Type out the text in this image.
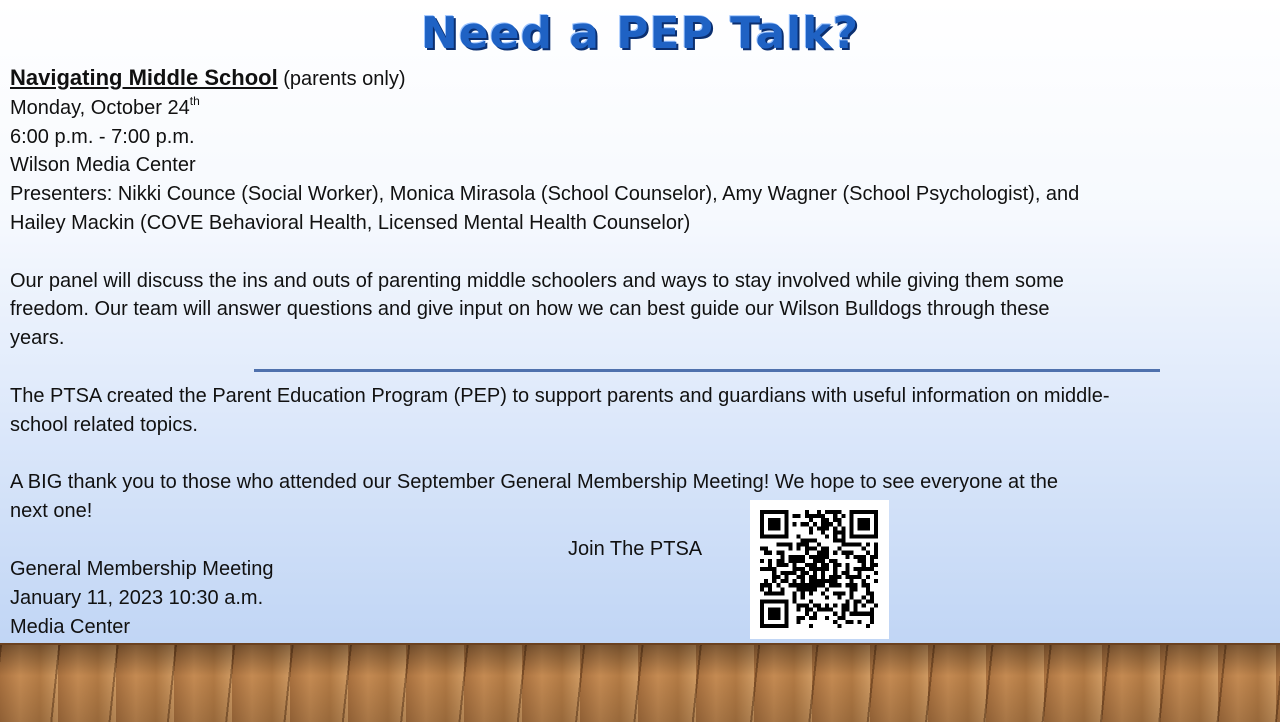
Need a PEP Talk?
Navigating Middle School (parents only)
Monday, October 24th
6:00 p.m. - 7:00 p.m.
Wilson Media Center
Presenters: Nikki Counce (Social Worker), Monica Mirasola (School Counselor), Amy Wagner (School Psychologist), and
Hailey Mackin (COVE Behavioral Health, Licensed Mental Health Counselor)
Our panel will discuss the ins and outs of parenting middle schoolers and ways to stay involved while giving them some
freedom. Our team will answer questions and give input on how we can best guide our Wilson Bulldogs through these
years.
The PTSA created the Parent Education Program (PEP) to support parents and guardians with useful information on middle-
school related topics.
A BIG thank you to those who attended our September General Membership Meeting! We hope to see everyone at the
next one!
Join The PTSA
General Membership Meeting
January 11, 2023 10:30 a.m.
Media Center
